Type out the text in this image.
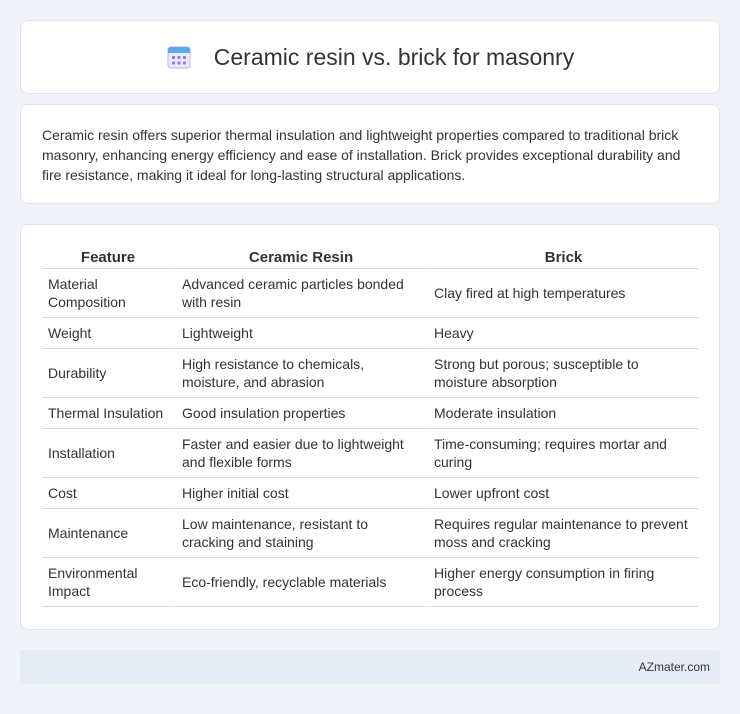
Ceramic resin vs. brick for masonry

Ceramic resin offers superior thermal insulation and lightweight properties compared to traditional brick masonry, enhancing energy efficiency and ease of installation. Brick provides exceptional durability and fire resistance, making it ideal for long-lasting structural applications.

Feature	Ceramic Resin	Brick
Material Composition	Advanced ceramic particles bonded with resin	Clay fired at high temperatures
Weight	Lightweight	Heavy
Durability	High resistance to chemicals, moisture, and abrasion	Strong but porous; susceptible to moisture absorption
Thermal Insulation	Good insulation properties	Moderate insulation
Installation	Faster and easier due to lightweight and flexible forms	Time-consuming; requires mortar and curing
Cost	Higher initial cost	Lower upfront cost
Maintenance	Low maintenance, resistant to cracking and staining	Requires regular maintenance to prevent moss and cracking
Environmental Impact	Eco-friendly, recyclable materials	Higher energy consumption in firing process
AZmater.com
